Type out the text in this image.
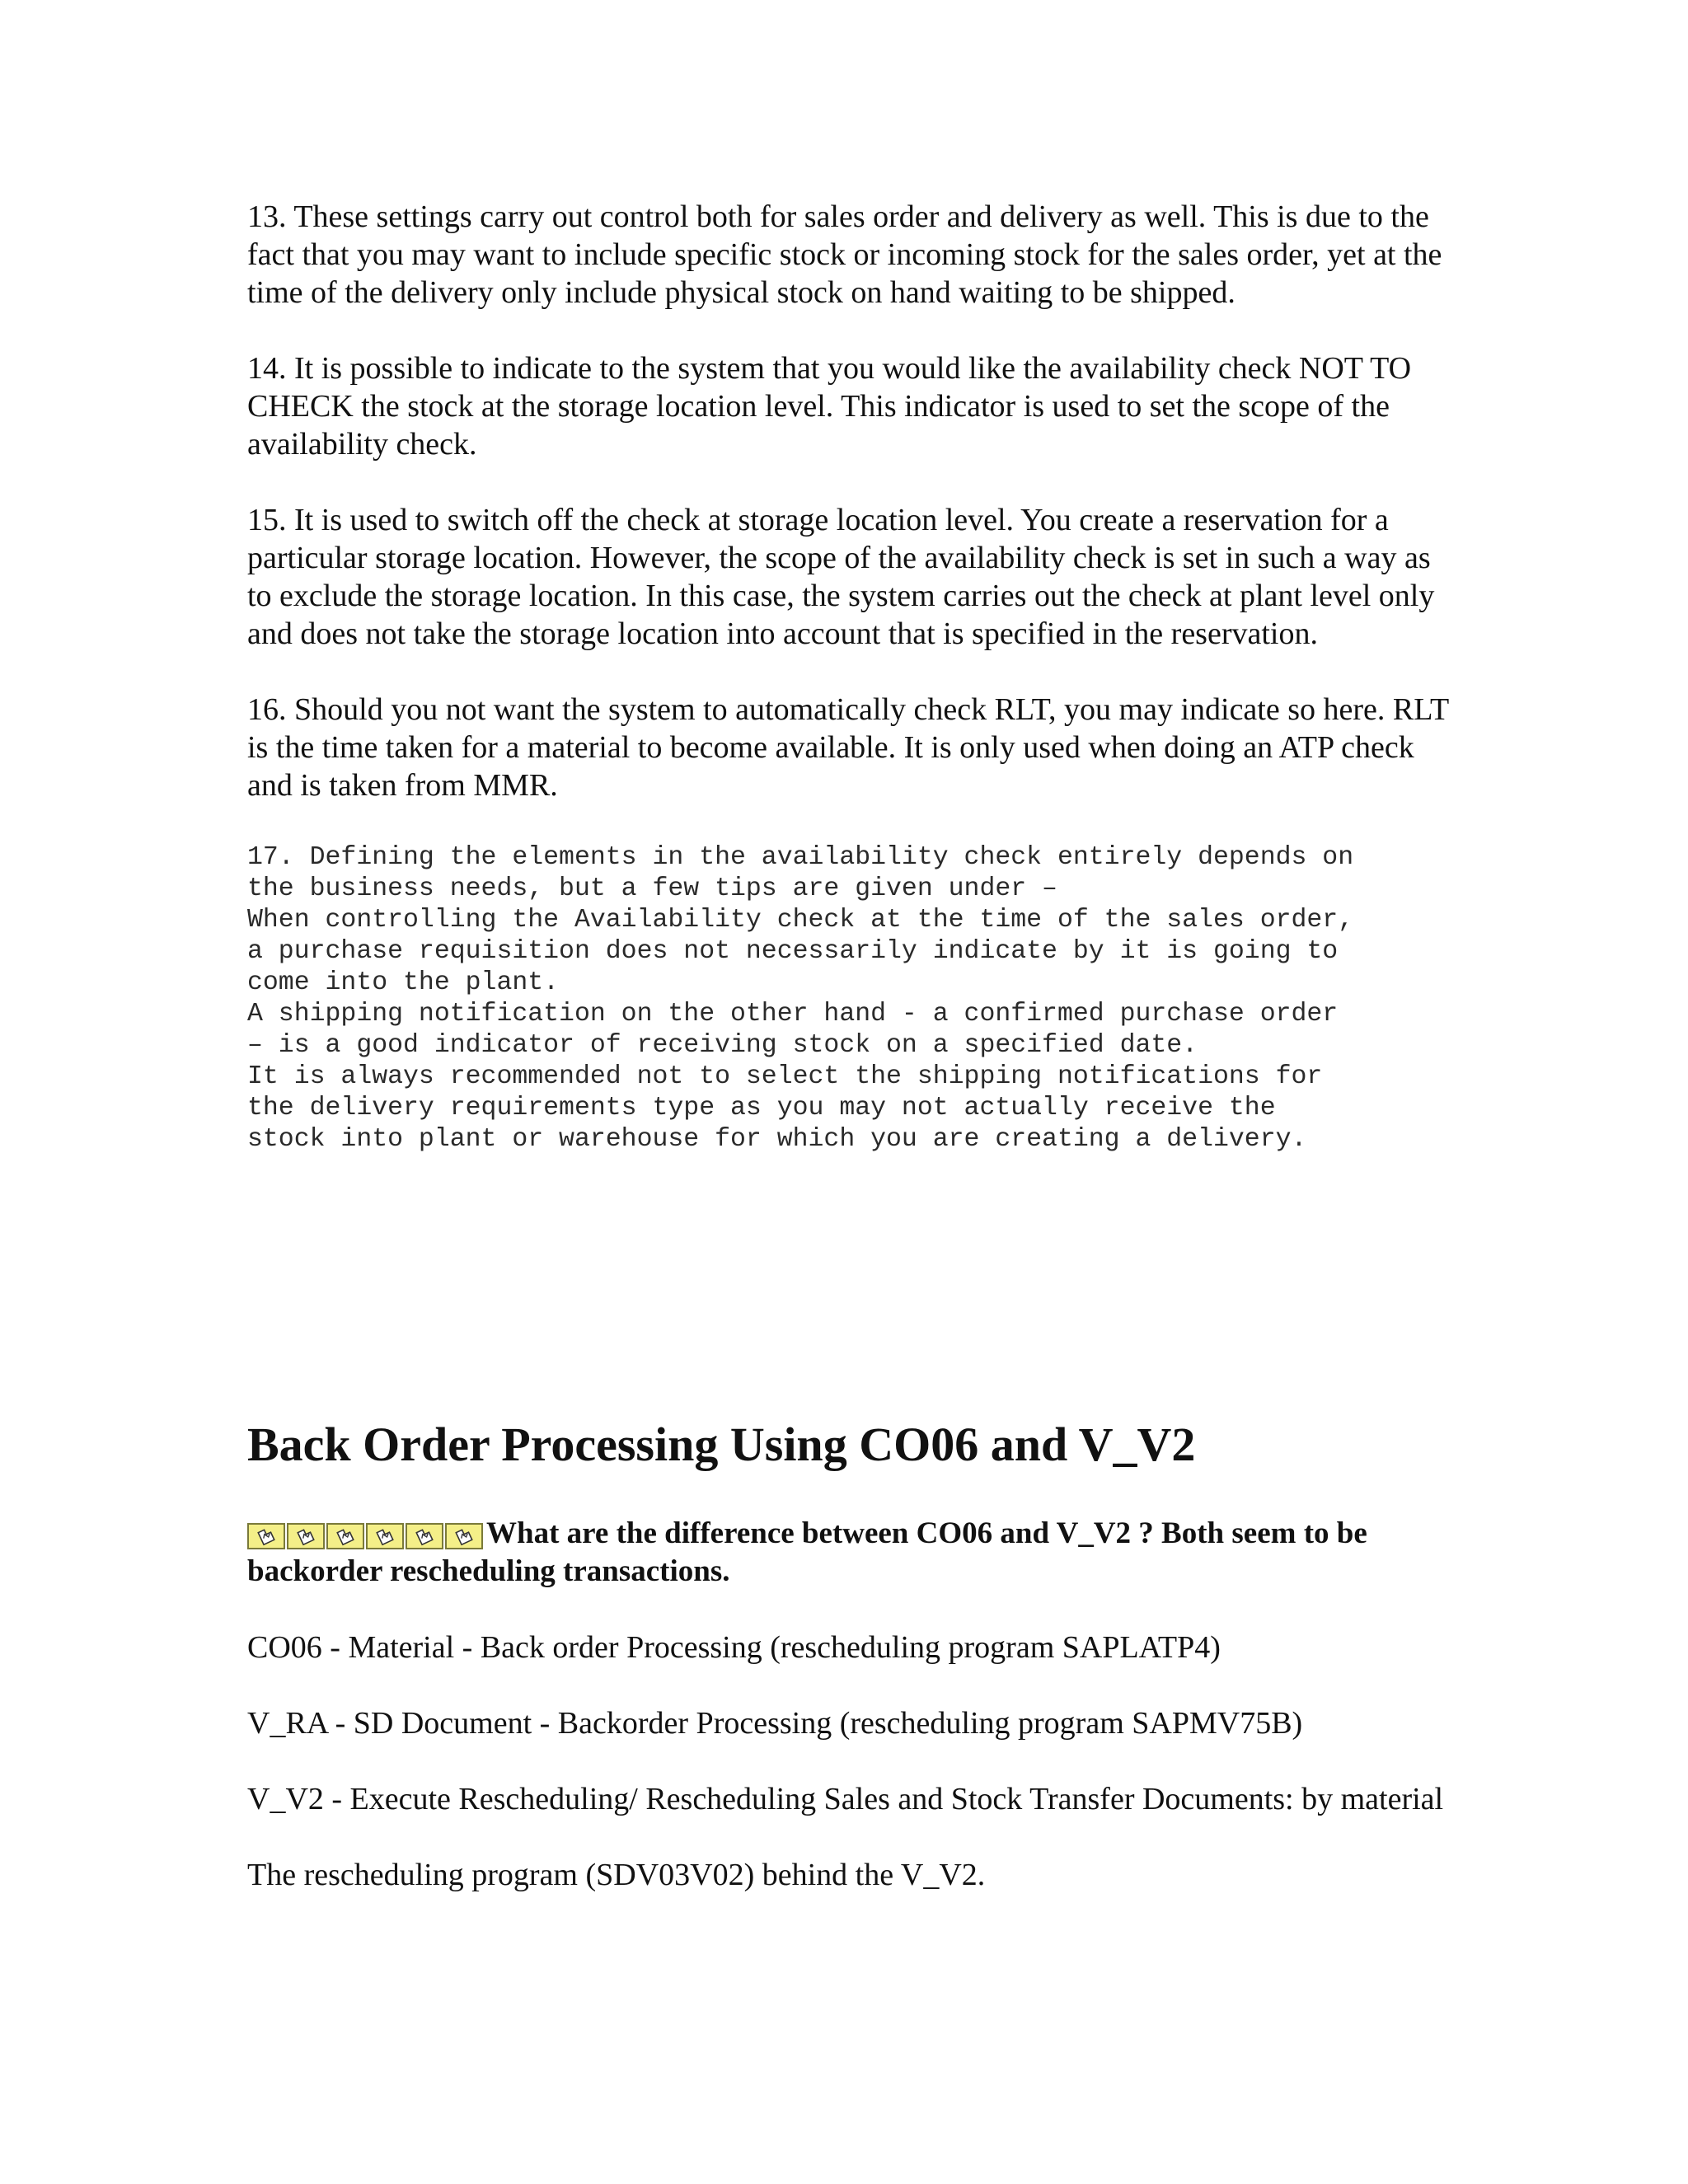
13. These settings carry out control both for sales order and delivery as well. This is due to the fact that you may want to include specific stock or incoming stock for the sales order, yet at the time of the delivery only include physical stock on hand waiting to be shipped.

14. It is possible to indicate to the system that you would like the availability check NOT TO CHECK the stock at the storage location level. This indicator is used to set the scope of the availability check.

15. It is used to switch off the check at storage location level. You create a reservation for a particular storage location. However, the scope of the availability check is set in such a way as to exclude the storage location. In this case, the system carries out the check at plant level only and does not take the storage location into account that is specified in the reservation.

16. Should you not want the system to automatically check RLT, you may indicate so here. RLT is the time taken for a material to become available. It is only used when doing an ATP check and is taken from MMR.

17. Defining the elements in the availability check entirely depends on
the business needs, but a few tips are given under –
When controlling the Availability check at the time of the sales order,
a purchase requisition does not necessarily indicate by it is going to
come into the plant.
A shipping notification on the other hand - a confirmed purchase order
– is a good indicator of receiving stock on a specified date.
It is always recommended not to select the shipping notifications for
the delivery requirements type as you may not actually receive the
stock into plant or warehouse for which you are creating a delivery.
Back Order Processing Using CO06 and V_V2

What are the difference between CO06 and V_V2 ? Both seem to be backorder rescheduling transactions.

CO06 - Material - Back order Processing (rescheduling program SAPLATP4)

V_RA - SD Document - Backorder Processing (rescheduling program SAPMV75B)

V_V2 - Execute Rescheduling/ Rescheduling Sales and Stock Transfer Documents: by material

The rescheduling program (SDV03V02) behind the V_V2.
